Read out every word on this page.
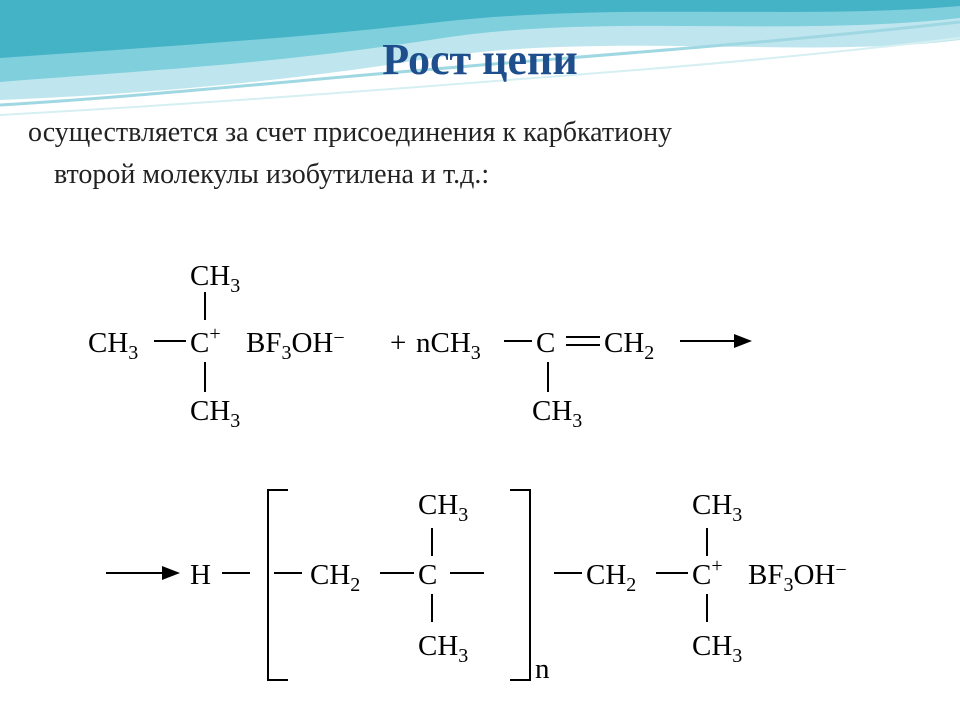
Рост цепи

осуществляется за счет присоединения к карбкатиону
второй молекулы изобутилена и т.д.:

$CH_3$
$CH_3$ C+ $BF_3OH^- + nCH_3$ C $CH_2$
$CH_3$	$CH_3$
H	$CH_2$ C
$CH_3$
$CH_3$ n
$CH_2$ C+
$CH_3$
$CH_3$
$BF_3OH^-$
